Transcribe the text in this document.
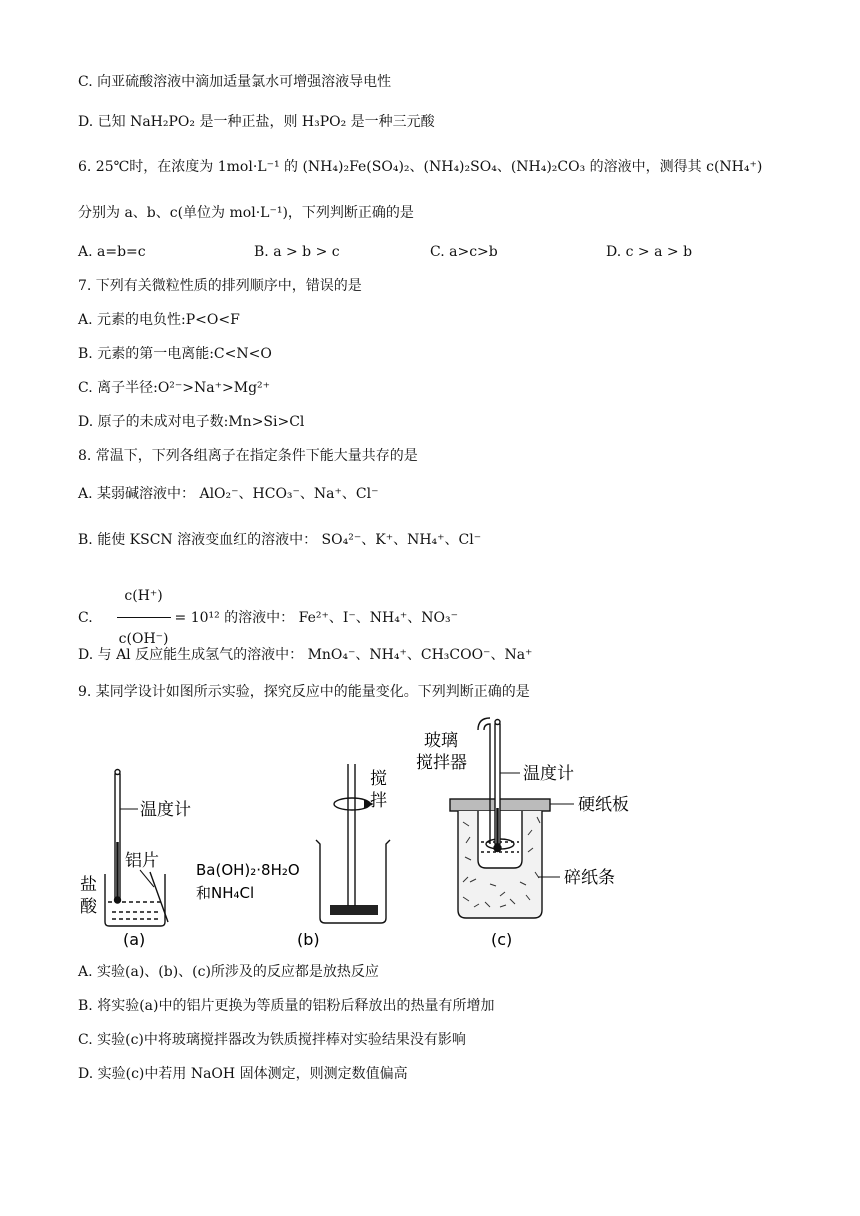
C. 向亚硫酸溶液中滴加适量氯水可增强溶液导电性
D. 已知 NaH₂PO₂ 是一种正盐，则 H₃PO₂ 是一种三元酸
6. 25℃时，在浓度为 1mol·L⁻¹ 的 (NH₄)₂Fe(SO₄)₂、(NH₄)₂SO₄、(NH₄)₂CO₃ 的溶液中，测得其 c(NH₄⁺)
分别为 a、b、c(单位为 mol·L⁻¹)，下列判断正确的是
A. a=b=c	B. a > b > c	C. a>c>b	D. c > a > b
7. 下列有关微粒性质的排列顺序中，错误的是
A. 元素的电负性:P<O<F
B. 元素的第一电离能:C<N<O
C. 离子半径:O²⁻>Na⁺>Mg²⁺
D. 原子的未成对电子数:Mn>Si>Cl
8. 常温下，下列各组离子在指定条件下能大量共存的是
A. 某弱碱溶液中： AlO₂⁻、HCO₃⁻、Na⁺、Cl⁻
B. 能使 KSCN 溶液变血红的溶液中： SO₄²⁻、K⁺、NH₄⁺、Cl⁻
C. $\frac{c(H^+)}{c(OH^-)} = 10^{12}$ 的溶液中： Fe²⁺、I⁻、NH₄⁺、NO₃⁻
D. 与 Al 反应能生成氢气的溶液中： MnO₄⁻、NH₄⁺、CH₃COO⁻、Na⁺
9. 某同学设计如图所示实验，探究反应中的能量变化。下列判断正确的是
温度计
铝片
盐
酸
(a)
搅
拌
Ba(OH)₂·8H₂O
和NH₄Cl
(b)
玻璃
搅拌器
温度计
硬纸板
碎纸条
(c)
A. 实验(a)、(b)、(c)所涉及的反应都是放热反应
B. 将实验(a)中的铝片更换为等质量的铝粉后释放出的热量有所增加
C. 实验(c)中将玻璃搅拌器改为铁质搅拌棒对实验结果没有影响
D. 实验(c)中若用 NaOH 固体测定，则测定数值偏高
